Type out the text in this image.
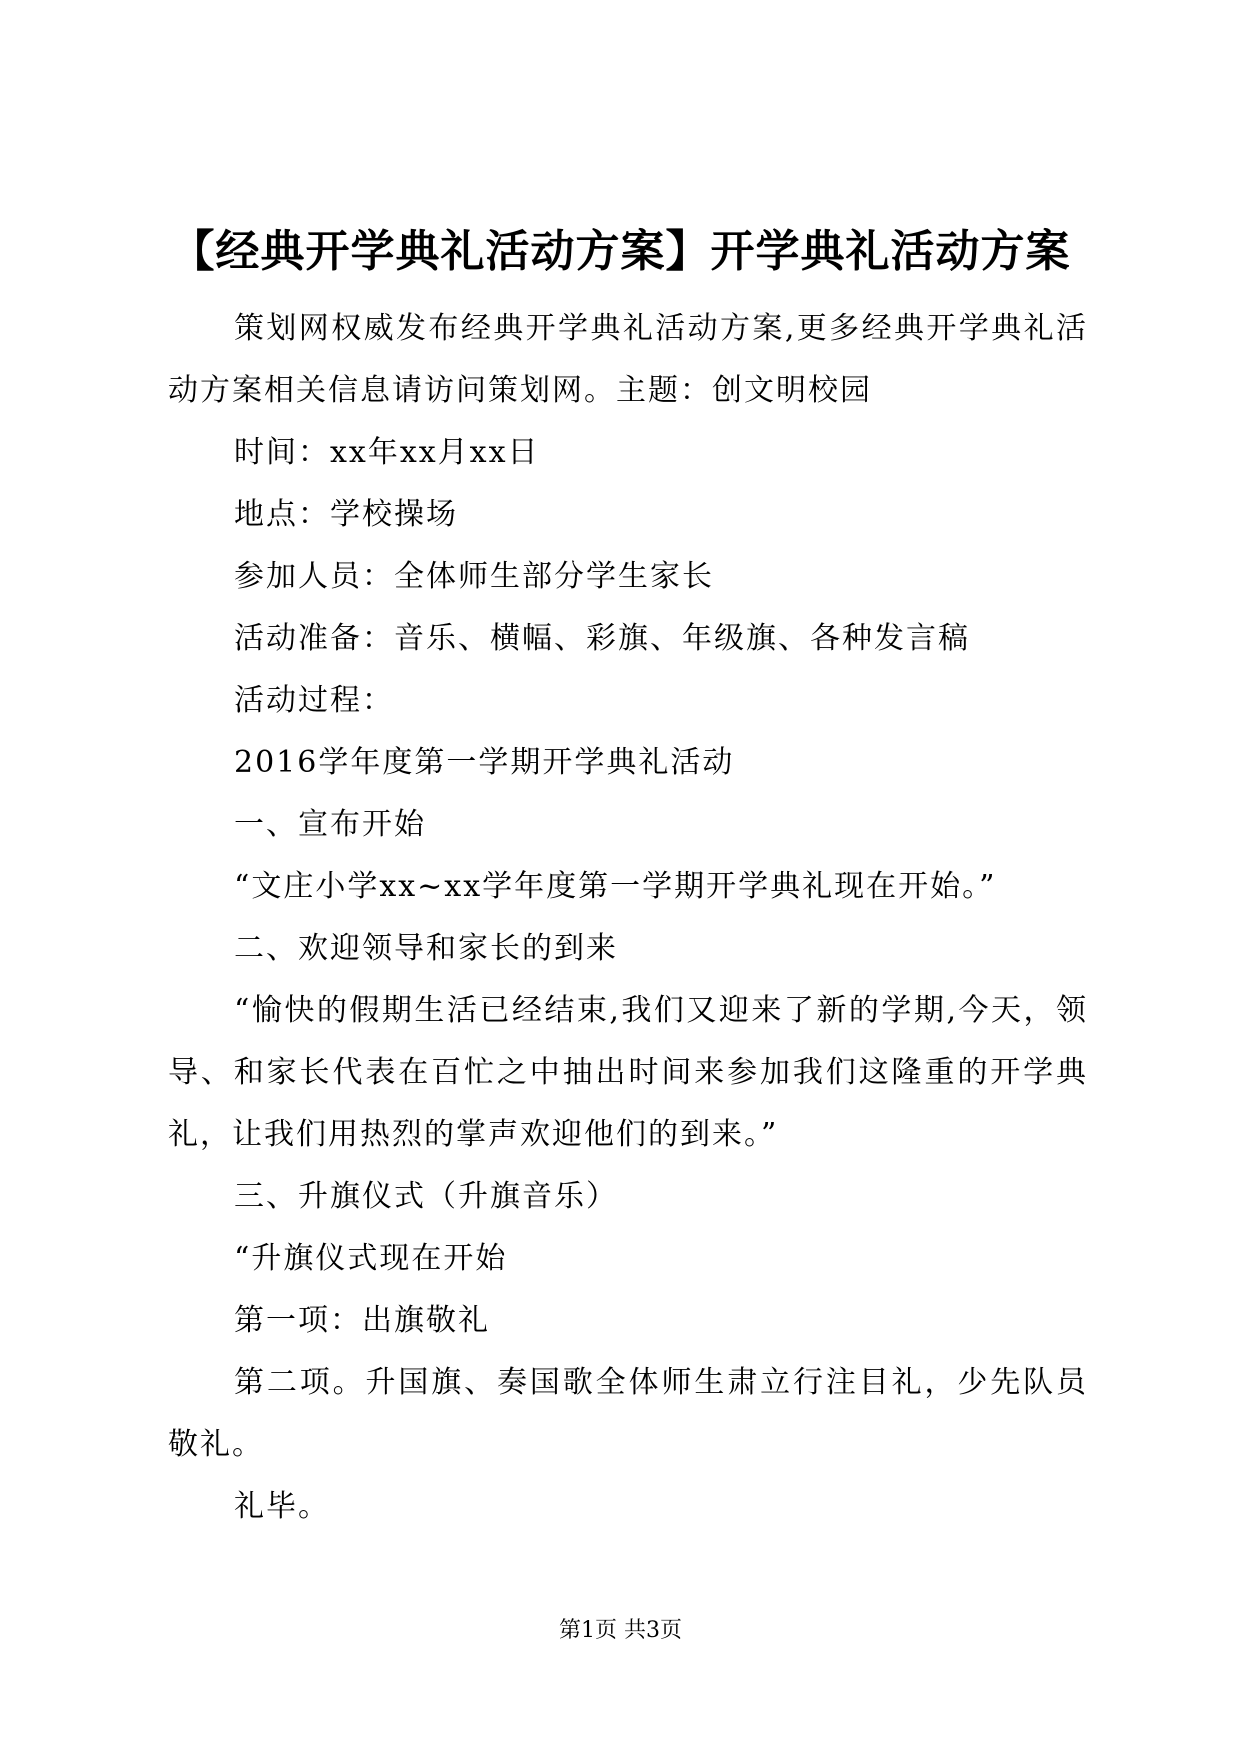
【经典开学典礼活动方案】开学典礼活动方案

策划网权威发布经典开学典礼活动方案,更多经典开学典礼活动方案相关信息请访问策划网。主题：创文明校园

时间：xx年xx月xx日

地点：学校操场

参加人员：全体师生部分学生家长

活动准备：音乐、横幅、彩旗、年级旗、各种发言稿

活动过程：

2016学年度第一学期开学典礼活动

一、宣布开始

“文庄小学xx~xx学年度第一学期开学典礼现在开始。”

二、欢迎领导和家长的到来

“愉快的假期生活已经结束,我们又迎来了新的学期,今天，领导、和家长代表在百忙之中抽出时间来参加我们这隆重的开学典礼，让我们用热烈的掌声欢迎他们的到来。”

三、升旗仪式（升旗音乐）

“升旗仪式现在开始

第一项：出旗敬礼

第二项。升国旗、奏国歌全体师生肃立行注目礼，少先队员敬礼。

礼毕。

第1页 共3页
